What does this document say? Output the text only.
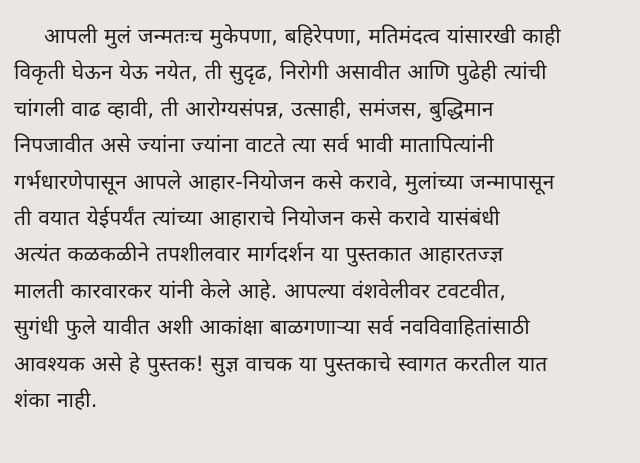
आपली मुलं जन्मतःच मुकेपणा, बहिरेपणा, मतिमंदत्व यांसारखी काही
विकृती घेऊन येऊ नयेत, ती सुदृढ, निरोगी असावीत आणि पुढेही त्यांची
चांगली वाढ व्हावी, ती आरोग्यसंपन्न, उत्साही, समंजस, बुद्धिमान
निपजावीत असे ज्यांना ज्यांना वाटते त्या सर्व भावी मातापित्यांनी
गर्भधारणेपासून आपले आहार-नियोजन कसे करावे, मुलांच्या जन्मापासून
ती वयात येईपर्यंत त्यांच्या आहाराचे नियोजन कसे करावे यासंबंधी
अत्यंत कळकळीने तपशीलवार मार्गदर्शन या पुस्तकात आहारतज्ज्ञ
मालती कारवारकर यांनी केले आहे. आपल्या वंशवेलीवर टवटवीत,
सुगंधी फुले यावीत अशी आकांक्षा बाळगणाऱ्या सर्व नवविवाहितांसाठी
आवश्यक असे हे पुस्तक! सुज्ञ वाचक या पुस्तकाचे स्वागत करतील यात
शंका नाही.
